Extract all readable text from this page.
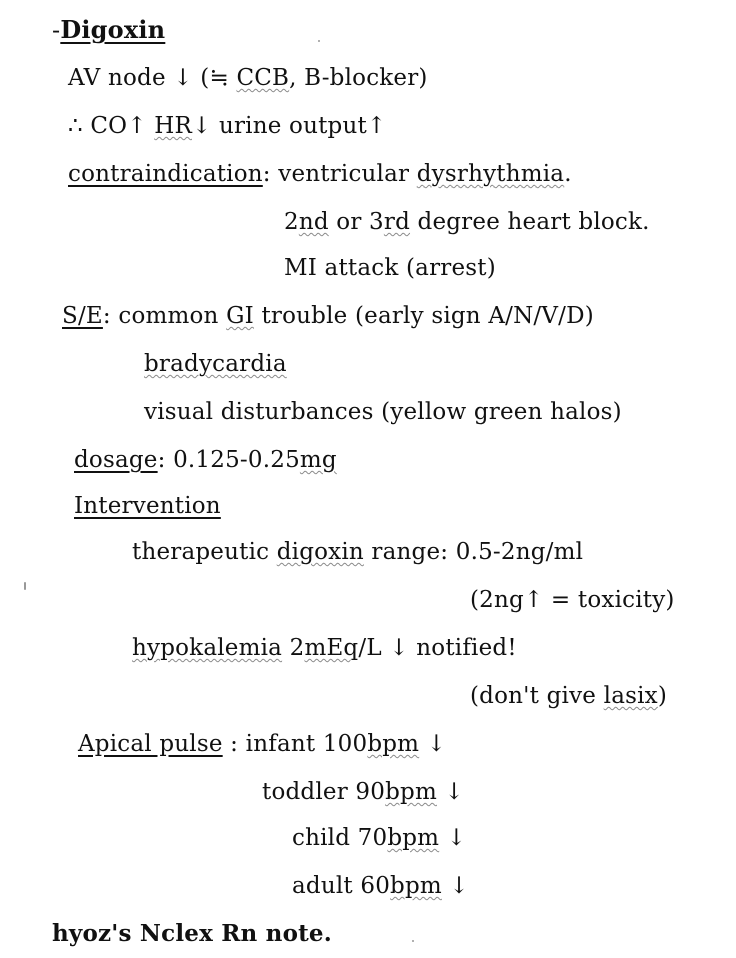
-Digoxin
AV node ↓ (≒ CCB, B-blocker)
∴ CO↑ HR↓ urine output↑
contraindication: ventricular dysrhythmia.
2nd or 3rd degree heart block.
MI attack (arrest)
S/E: common GI trouble (early sign A/N/V/D)
bradycardia
visual disturbances (yellow green halos)
dosage: 0.125-0.25mg
Intervention
therapeutic digoxin range: 0.5-2ng/ml
(2ng↑ = toxicity)
hypokalemia 2mEq/L ↓ notified!
(don't give lasix)
Apical pulse : infant 100bpm ↓
toddler 90bpm ↓
child 70bpm ↓
adult 60bpm ↓
hyoz's Nclex Rn note.
